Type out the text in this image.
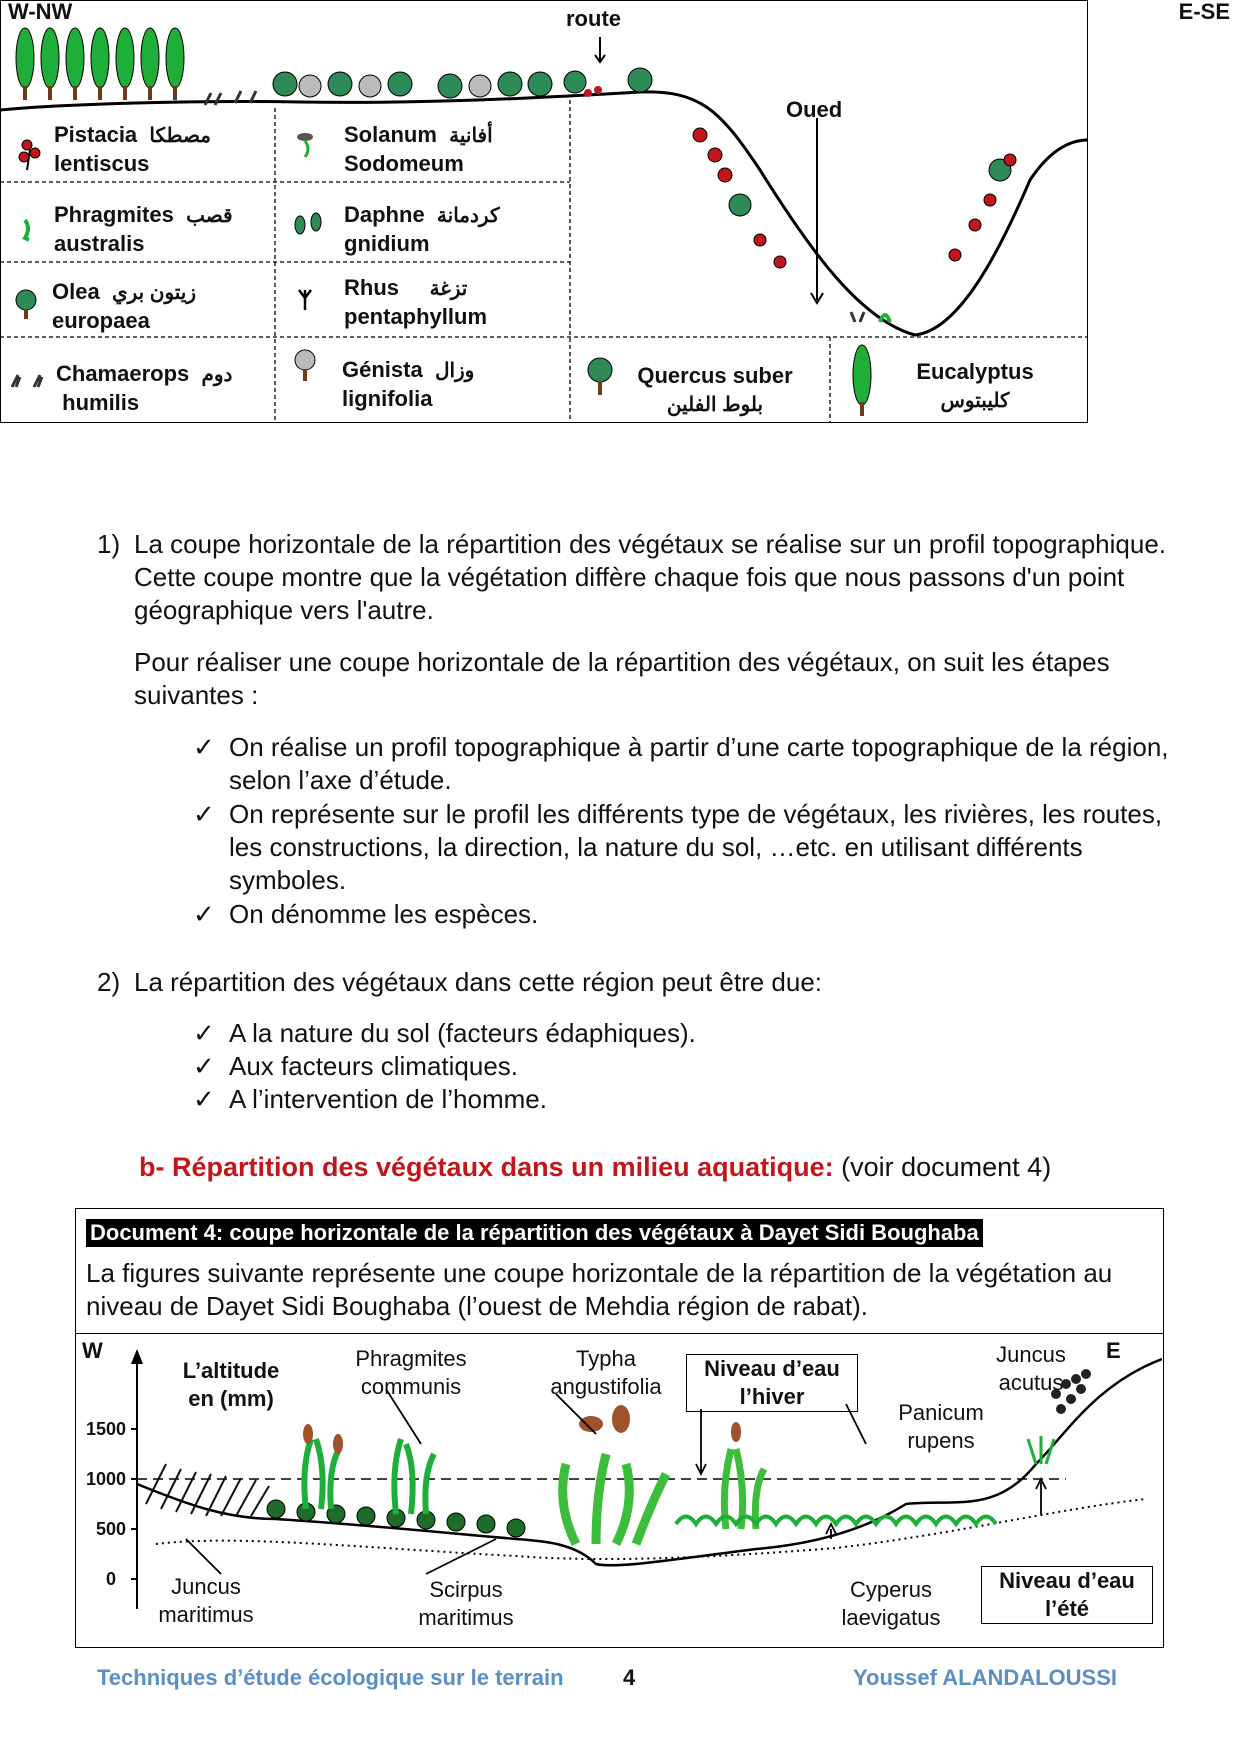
W-NW	E-SE
route
Oued
Pistacia مصطكا
lentiscus
Solanum أفانية
Sodomeum
Phragmites قصب
australis
Daphne كردمانة
gnidium
Olea زيتون بري
europaea
Rhus تزغة
pentaphyllum
Chamaerops دوم
humilis
Génista وزال
lignifolia
Quercus suber
بلوط الفلين
Eucalyptus
كليبتوس
1) La coupe horizontale de la répartition des végétaux se réalise sur un profil topographique. Cette coupe montre que la végétation diffère chaque fois que nous passons d'un point géographique vers l'autre.
Pour réaliser une coupe horizontale de la répartition des végétaux, on suit les étapes suivantes :
✓ On réalise un profil topographique à partir d’une carte topographique de la région, selon l’axe d’étude.
✓ On représente sur le profil les différents type de végétaux, les rivières, les routes, les constructions, la direction, la nature du sol, …etc. en utilisant différents symboles.
✓ On dénomme les espèces.
2) La répartition des végétaux dans cette région peut être due:
✓ A la nature du sol (facteurs édaphiques).
✓ Aux facteurs climatiques.
✓ A l’intervention de l’homme.
b- Répartition des végétaux dans un milieu aquatique: (voir document 4)
Document 4: coupe horizontale de la répartition des végétaux à Dayet Sidi Boughaba
La figures suivante représente une coupe horizontale de la répartition de la végétation au niveau de Dayet Sidi Boughaba (l’ouest de Mehdia région de rabat).
W	E
L’altitude
en (mm)
1500
1000
500
0
Phragmites
communis
Typha
angustifolia
Niveau d’eau
l’hiver
Juncus
acutus
Panicum
rupens
Juncus
maritimus
Scirpus
maritimus
Cyperus
laevigatus
Niveau d’eau
l’été
Techniques d’étude écologique sur le terrain	4	Youssef ALANDALOUSSI
